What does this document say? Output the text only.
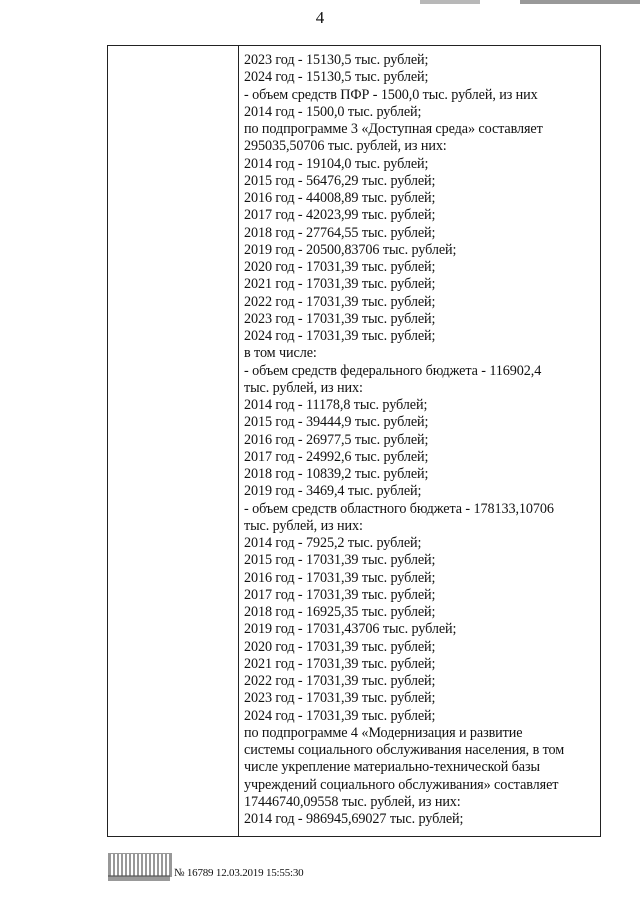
4
2023 год - 15130,5 тыс. рублей;
2024 год - 15130,5 тыс. рублей;
- объем средств ПФР - 1500,0 тыс. рублей, из них
2014 год - 1500,0 тыс. рублей;
по подпрограмме 3 «Доступная среда» составляет
295035,50706 тыс. рублей, из них:
2014 год - 19104,0 тыс. рублей;
2015 год - 56476,29 тыс. рублей;
2016 год - 44008,89 тыс. рублей;
2017 год - 42023,99 тыс. рублей;
2018 год - 27764,55 тыс. рублей;
2019 год - 20500,83706 тыс. рублей;
2020 год - 17031,39 тыс. рублей;
2021 год - 17031,39 тыс. рублей;
2022 год - 17031,39 тыс. рублей;
2023 год - 17031,39 тыс. рублей;
2024 год - 17031,39 тыс. рублей;
в том числе:
- объем средств федерального бюджета - 116902,4
тыс. рублей, из них:
2014 год - 11178,8 тыс. рублей;
2015 год - 39444,9 тыс. рублей;
2016 год - 26977,5 тыс. рублей;
2017 год - 24992,6 тыс. рублей;
2018 год - 10839,2 тыс. рублей;
2019 год - 3469,4 тыс. рублей;
- объем средств областного бюджета - 178133,10706
тыс. рублей, из них:
2014 год - 7925,2 тыс. рублей;
2015 год - 17031,39 тыс. рублей;
2016 год - 17031,39 тыс. рублей;
2017 год - 17031,39 тыс. рублей;
2018 год - 16925,35 тыс. рублей;
2019 год - 17031,43706 тыс. рублей;
2020 год - 17031,39 тыс. рублей;
2021 год - 17031,39 тыс. рублей;
2022 год - 17031,39 тыс. рублей;
2023 год - 17031,39 тыс. рублей;
2024 год - 17031,39 тыс. рублей;
по подпрограмме 4 «Модернизация и развитие
системы социального обслуживания населения, в том
числе укрепление материально-технической базы
учреждений социального обслуживания» составляет
17446740,09558 тыс. рублей, из них:
2014 год - 986945,69027 тыс. рублей;
№ 16789 12.03.2019 15:55:30
